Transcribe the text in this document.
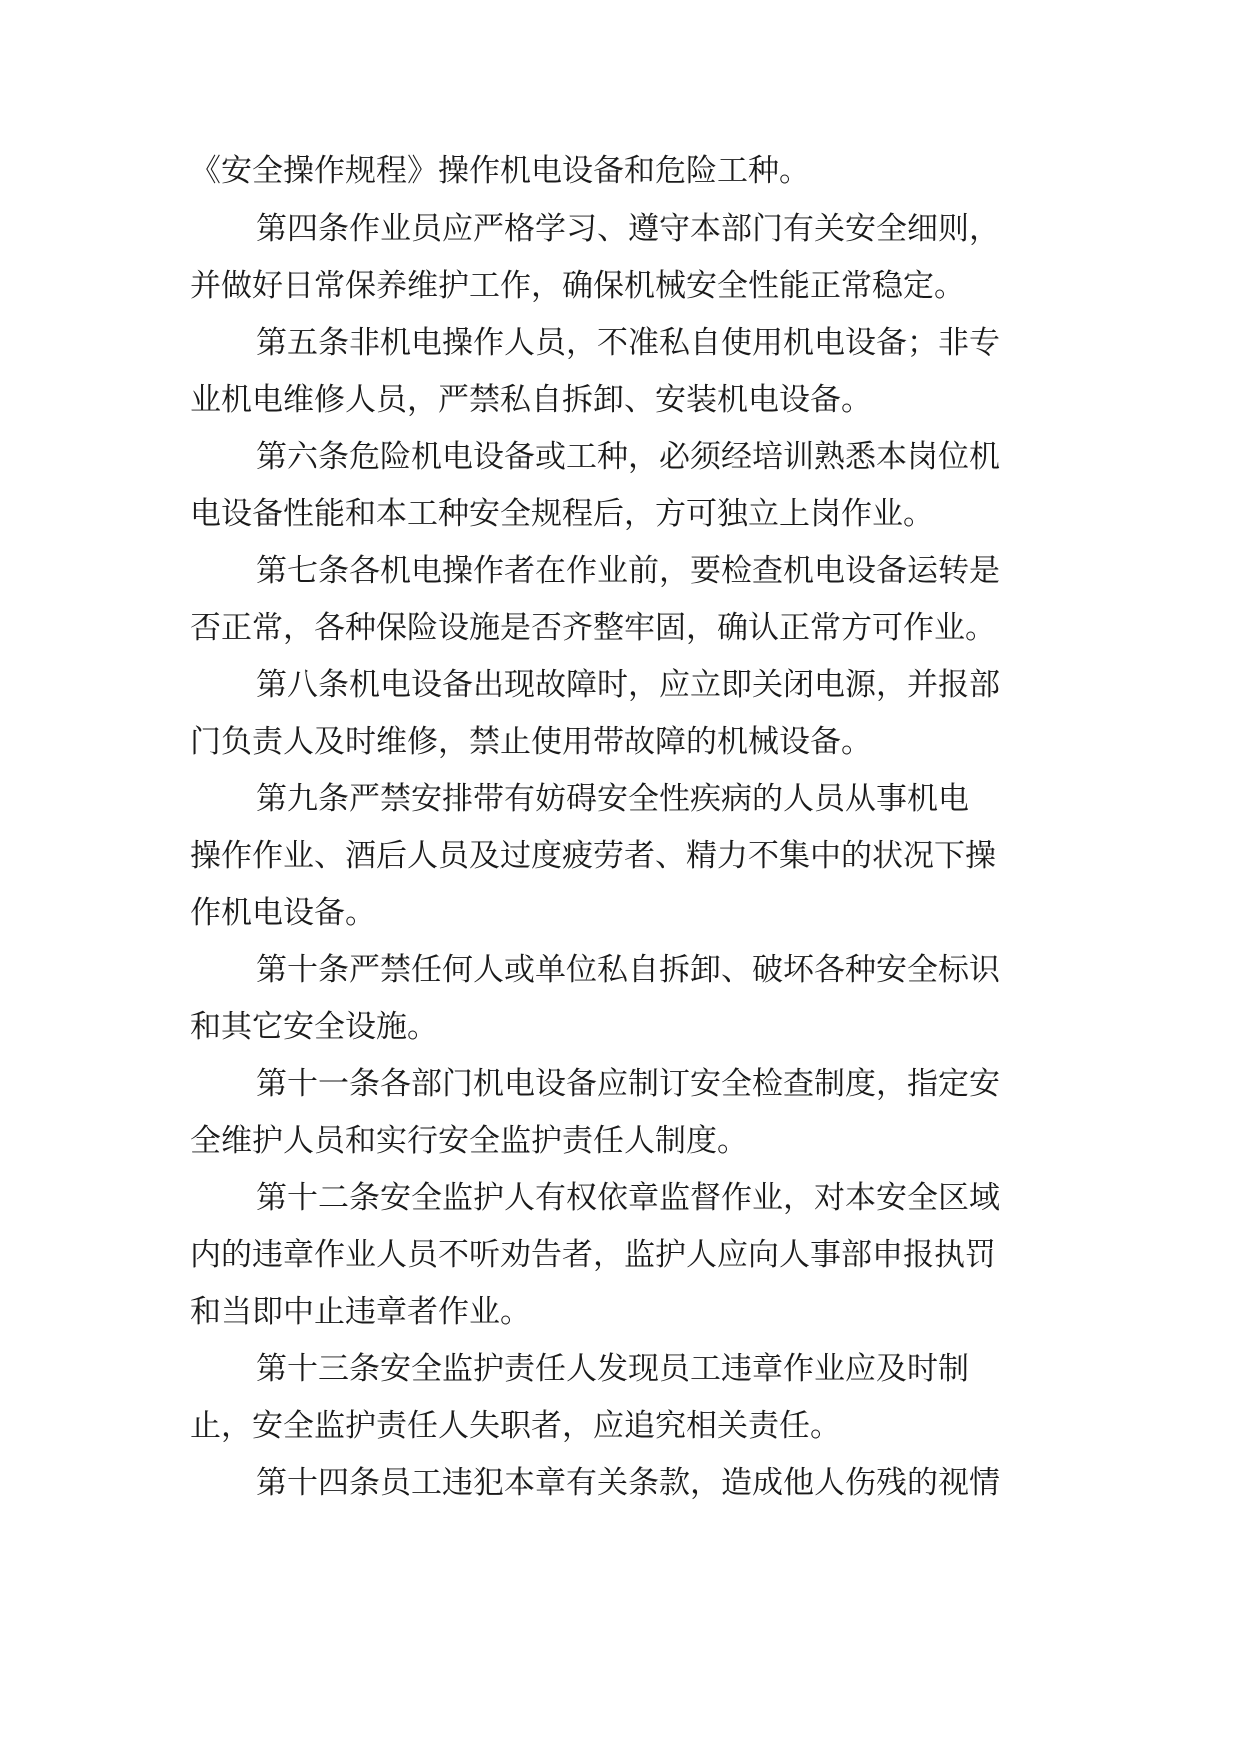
《安全操作规程》操作机电设备和危险工种。

第四条作业员应严格学习、遵守本部门有关安全细则，

并做好日常保养维护工作，确保机械安全性能正常稳定。

第五条非机电操作人员，不准私自使用机电设备；非专

业机电维修人员，严禁私自拆卸、安装机电设备。

第六条危险机电设备或工种，必须经培训熟悉本岗位机

电设备性能和本工种安全规程后，方可独立上岗作业。

第七条各机电操作者在作业前，要检查机电设备运转是

否正常，各种保险设施是否齐整牢固，确认正常方可作业。

第八条机电设备出现故障时，应立即关闭电源，并报部

门负责人及时维修，禁止使用带故障的机械设备。

第九条严禁安排带有妨碍安全性疾病的人员从事机电

操作作业、酒后人员及过度疲劳者、精力不集中的状况下操

作机电设备。

第十条严禁任何人或单位私自拆卸、破坏各种安全标识

和其它安全设施。

第十一条各部门机电设备应制订安全检查制度，指定安

全维护人员和实行安全监护责任人制度。

第十二条安全监护人有权依章监督作业，对本安全区域

内的违章作业人员不听劝告者，监护人应向人事部申报执罚

和当即中止违章者作业。

第十三条安全监护责任人发现员工违章作业应及时制

止，安全监护责任人失职者，应追究相关责任。

第十四条员工违犯本章有关条款，造成他人伤残的视情
